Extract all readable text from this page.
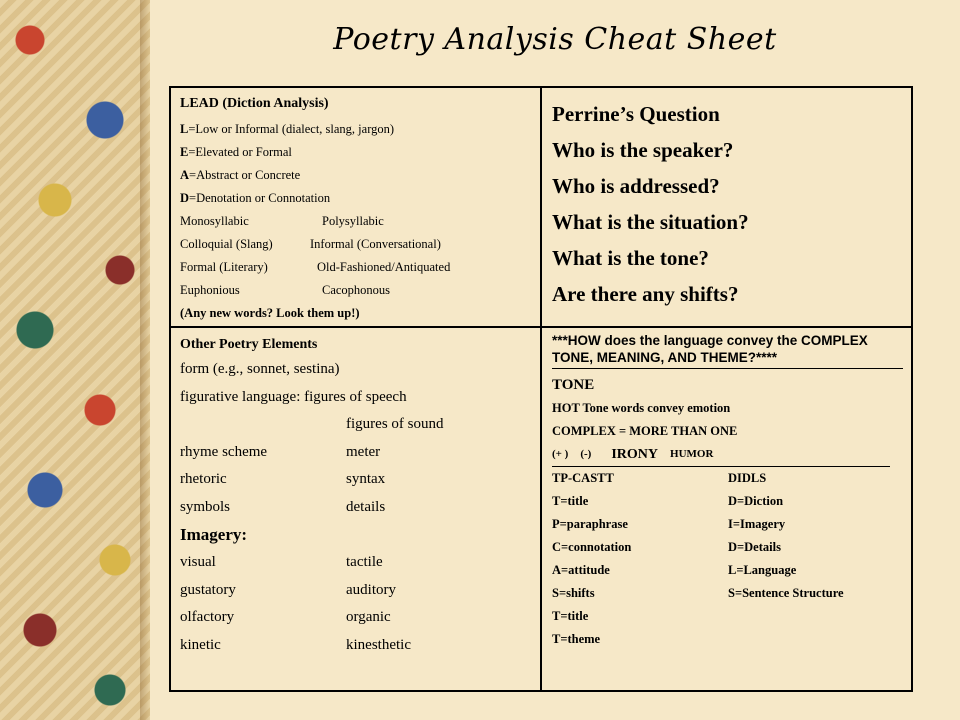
Poetry Analysis Cheat Sheet
LEAD (Diction Analysis)
L=Low or Informal (dialect, slang, jargon)
E=Elevated or Formal
A=Abstract or Concrete
D=Denotation or Connotation
Monosyllabic	Polysyllabic
Colloquial (Slang)	Informal (Conversational)
Formal (Literary)	Old-Fashioned/Antiquated
Euphonious	Cacophonous
(Any new words? Look them up!)
Perrine’s Question
Who is the speaker?
Who is addressed?
What is the situation?
What is the tone?
Are there any shifts?
Other Poetry Elements
form (e.g., sonnet, sestina)
figurative language: figures of speech
figures of sound
rhyme scheme	meter
rhetoric	syntax
symbols	details
Imagery:
visual	tactile
gustatory	auditory
olfactory	organic
kinetic	kinesthetic
***HOW does the language convey the COMPLEX TONE, MEANING, AND THEME?****
TONE
HOT Tone words convey emotion
COMPLEX = MORE THAN ONE
(+ ) (-) IRONY HUMOR
TP-CASTT	DIDLS
T=title	D=Diction
P=paraphrase	I=Imagery
C=connotation	D=Details
A=attitude	L=Language
S=shifts	S=Sentence Structure
T=title
T=theme
